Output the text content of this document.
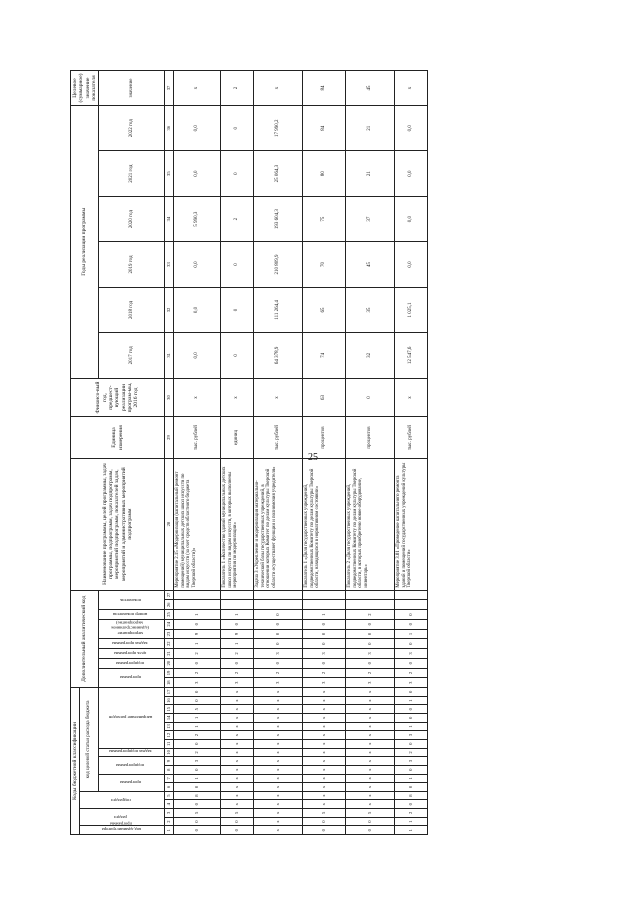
25
Коды бюджетной классификации																	Дополнительный аналитический код										Наименование программы, целей программы, задач программы, подпрограмм, задач подпрограмм, мероприятий подпрограмм, показателей задач, мероприятий и административных мероприятий подпрограмм	Единица измерения	Финансо-вый год, предшест-вующий реализации програм-мы, 2016 год	Годы реализации программы						Целевое (суммарное) значение показателя
код администратора программы	раздел		подраздел		код целевой статьи расхода бюджета																															
					программа		подпрограмма		задача подпрограммы	направление расходов							программа		подпрограмма	цель программы	задача программы	мероприятие (административное мероприятие)		номер показателя	показатель					2017 год	2018 год	2019 год	2020 год	2021 год	2022 год	значение
1	2	3	4	5	6	7	8	9	10	11	12	13	14	15	16	17	18	19	20	21	22	23	24	25	26	27	28	29	30	31	32	33	34	35	36	37
0	0	5	0	8	0	1	0	3	2	0	2	1	1	5	0	0	3	2	0	2	1	9	0	1			Мероприятие 2.15 «Модернизация (капитальный ремонт помещений) муниципальных детских школ искусств по видам искусств (за счет средств областного бюджета Тверской области)»	тыс. рублей	х	0,0	0,0	0,0	5 990,3	0,0	0,0	х
0	0	5	х	х	х	х	х	х	х	х	х	х	х	х	х	х	3	2	0	2	1	9	0	1			Показатель 1 «Количество зданий муниципальных детских школ искусств по видам искусств, в которых выполнены мероприятия по модернизации»	единиц	х	0	0	0	2	0	0	2
х	х	х	х	х	х	х	х	х	х	х	х	х	х	х	х	х	3	2	0	3	0	0	0	0			Задача 3 «Укрепление и модернизация материально-технической базы государственных учреждений, в отношении которых Комитет по делам культуры Тверской области осуществляет функции и полномочия учредителя»	тыс. рублей	х	64 378,9	111 264,4	210 809,9	193 604,3	25 064,3	17 990,2	х
0	0	5	х	х	х	х	х	х	х	х	х	х	х	х	х	х	3	2	0	3	0	0	0	1			Показатель 1 «Доля государственных учреждений, подведомственных Комитету по делам культуры Тверской области, находящихся в нормативном состоянии»	процентов	63	74	65	70	75	80	84	84
0	0	5	х	х	х	х	х	х	х	х	х	х	х	х	х	х	3	2	0	3	0	0	0	2			Показатель 2 «Доля государственных учреждений, подведомственных Комитету по делам культуры Тверской области, в которых приобретено новое оборудование, инвентарь»	процентов	0	32	35	45	37	21	21	45
1	1	2	0	8	0	1	0	3	2	0	3	1	0	0	1	0	3	2	0	3	0	1	0	0			Мероприятие 3.01 «Проведение капитального ремонта зданий и помещений государственных учреждений культуры Тверской области»	тыс. рублей	х	12 547,6	1 025,1	0,0	0,0	0,0	0,0	х
